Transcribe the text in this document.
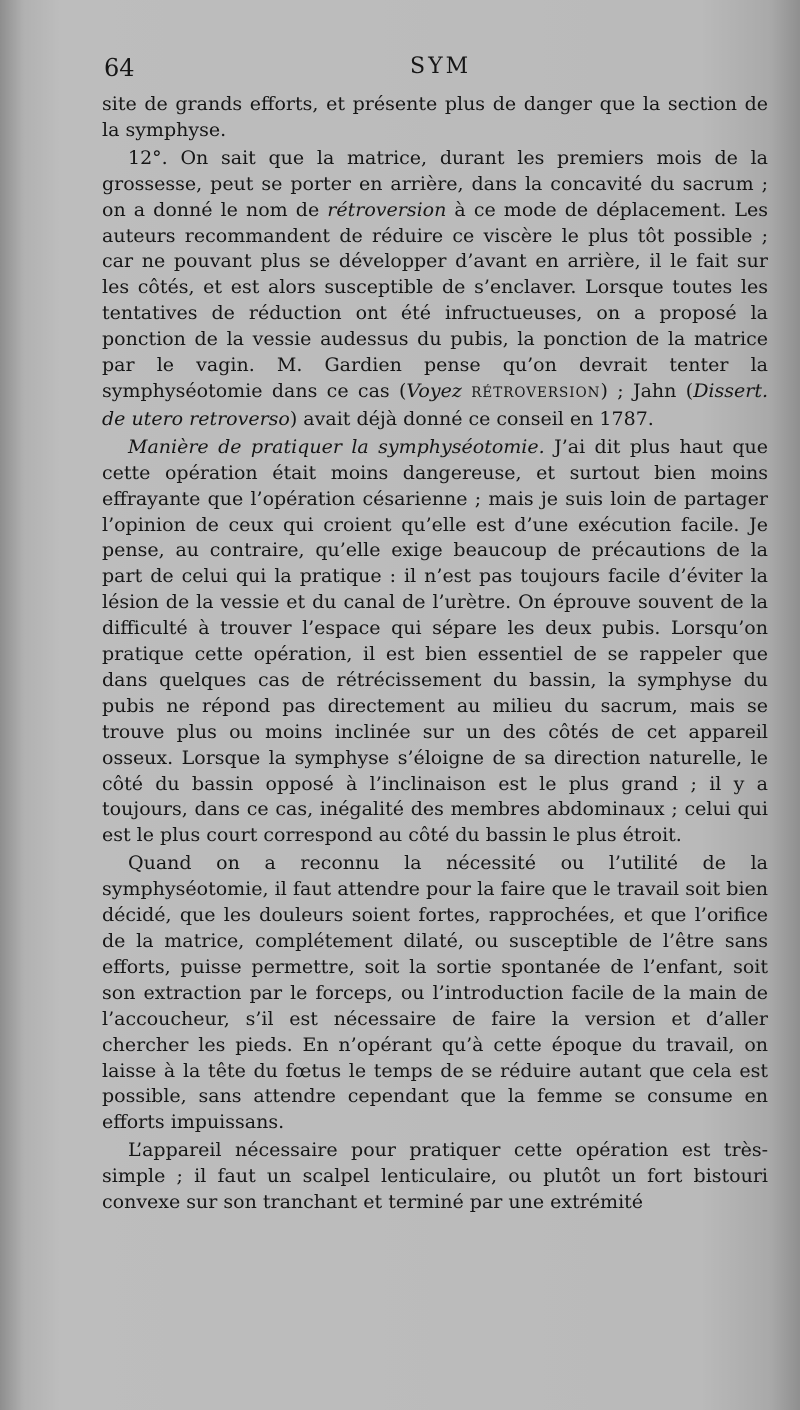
64	SYM

site de grands efforts, et présente plus de danger que la section de la symphyse.

12°. On sait que la matrice, durant les premiers mois de la grossesse, peut se porter en arrière, dans la concavité du sacrum ; on a donné le nom de rétroversion à ce mode de déplacement. Les auteurs recommandent de réduire ce viscère le plus tôt possible ; car ne pouvant plus se développer d’avant en arrière, il le fait sur les côtés, et est alors susceptible de s’enclaver. Lorsque toutes les tentatives de réduction ont été infructueuses, on a proposé la ponction de la vessie audessus du pubis, la ponction de la matrice par le vagin. M. Gardien pense qu’on devrait tenter la symphyséotomie dans ce cas (Voyez RÉTROVERSION) ; Jahn (Dissert. de utero retroverso) avait déjà donné ce conseil en 1787.

Manière de pratiquer la symphyséotomie. J’ai dit plus haut que cette opération était moins dangereuse, et surtout bien moins effrayante que l’opération césarienne ; mais je suis loin de partager l’opinion de ceux qui croient qu’elle est d’une exécution facile. Je pense, au contraire, qu’elle exige beaucoup de précautions de la part de celui qui la pratique : il n’est pas toujours facile d’éviter la lésion de la vessie et du canal de l’urètre. On éprouve souvent de la difficulté à trouver l’espace qui sépare les deux pubis. Lorsqu’on pratique cette opération, il est bien essentiel de se rappeler que dans quelques cas de rétrécissement du bassin, la symphyse du pubis ne répond pas directement au milieu du sacrum, mais se trouve plus ou moins inclinée sur un des côtés de cet appareil osseux. Lorsque la symphyse s’éloigne de sa direction naturelle, le côté du bassin opposé à l’inclinaison est le plus grand ; il y a toujours, dans ce cas, inégalité des membres abdominaux ; celui qui est le plus court correspond au côté du bassin le plus étroit.

Quand on a reconnu la nécessité ou l’utilité de la symphyséotomie, il faut attendre pour la faire que le travail soit bien décidé, que les douleurs soient fortes, rapprochées, et que l’orifice de la matrice, complétement dilaté, ou susceptible de l’être sans efforts, puisse permettre, soit la sortie spontanée de l’enfant, soit son extraction par le forceps, ou l’introduction facile de la main de l’accoucheur, s’il est nécessaire de faire la version et d’aller chercher les pieds. En n’opérant qu’à cette époque du travail, on laisse à la tête du fœtus le temps de se réduire autant que cela est possible, sans attendre cependant que la femme se consume en efforts impuissans.

L’appareil nécessaire pour pratiquer cette opération est très-simple ; il faut un scalpel lenticulaire, ou plutôt un fort bistouri convexe sur son tranchant et terminé par une extrémité
